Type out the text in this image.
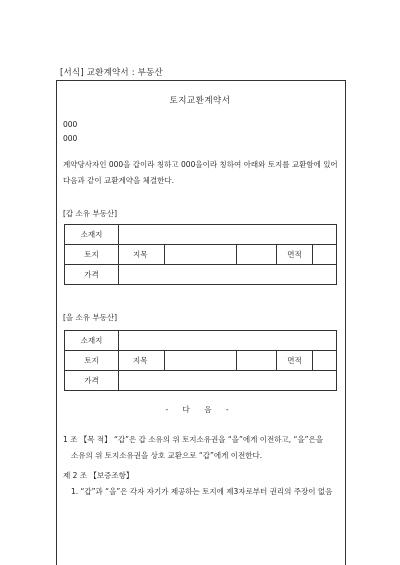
[서식] 교환계약서 : 부동산
토지교환계약서
000
000
계약당사자인 000을 갑이라 칭하고 000을이라 칭하여 아래와 토지를 교환함에 있어 다음과 같이 교환계약을 체결한다.
[갑 소유 부동산]
소재지					
토지	지목			면적	
가격					
[을 소유 부동산]
소재지					
토지	지목			면적	
가격					
- 다 음 -
1 조 【목 적】 “갑”은 갑 소유의 위 토지소유권을 “을”에게 이전하고, “을”은을
소유의 위 토지소유권을 상호 교환으로 “갑”에게 이전한다.
제 2 조 【보증조항】
1. “갑”과 “을”은 각자 자기가 제공하는 토지에 제3자로부터 권리의 주장이 없음
